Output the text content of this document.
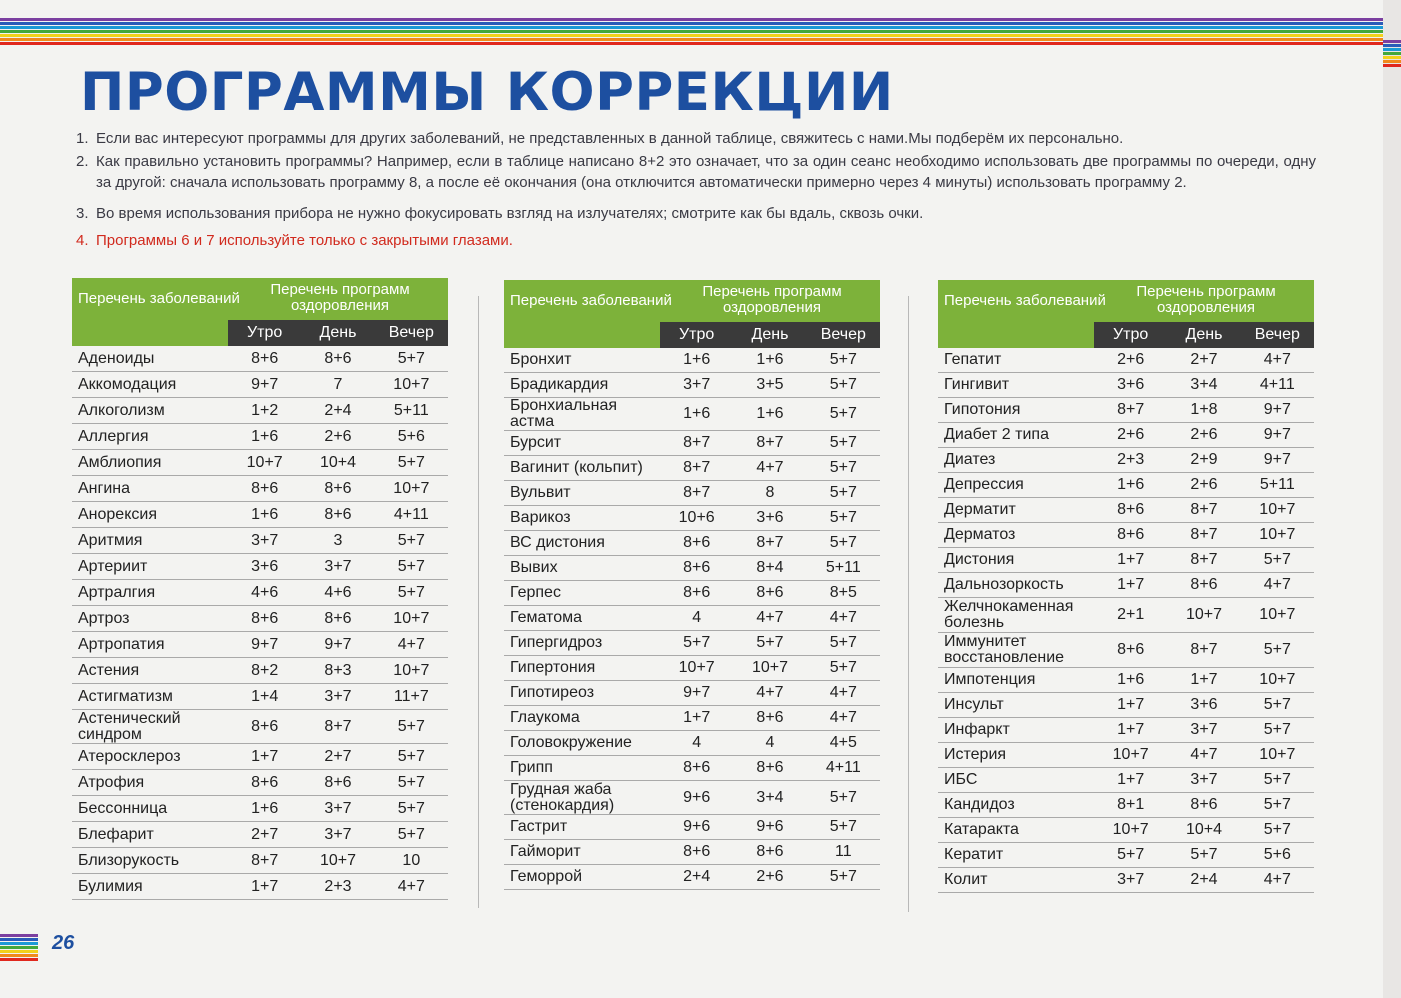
ПРОГРАММЫ КОРРЕКЦИИ
1. Если вас интересуют программы для других заболеваний, не представленных в данной таблице, свяжитесь с нами.Мы подберём их персонально.
2. Как правильно установить программы? Например, если в таблице написано 8+2 это означает, что за один сеанс необходимо использовать две программы по очереди, одну за другой: сначала использовать программу 8, а после её окончания (она отключится автоматически примерно через 4 минуты) использовать программу 2.
3. Во время использования прибора не нужно фокусировать взгляд на излучателях; смотрите как бы вдаль, сквозь очки.
4. Программы 6 и 7 используйте только с закрытыми глазами.
Перечень заболеваний
Перечень программ оздоровления
Утро	День	Вечер
Аденоиды	8+6	8+6	5+7
Аккомодация	9+7	7	10+7
Алкоголизм	1+2	2+4	5+11
Аллергия	1+6	2+6	5+6
Амблиопия	10+7	10+4	5+7
Ангина	8+6	8+6	10+7
Анорексия	1+6	8+6	4+11
Аритмия	3+7	3	5+7
Артериит	3+6	3+7	5+7
Артралгия	4+6	4+6	5+7
Артроз	8+6	8+6	10+7
Артропатия	9+7	9+7	4+7
Астения	8+2	8+3	10+7
Астигматизм	1+4	3+7	11+7
Астенический синдром	8+6	8+7	5+7
Атеросклероз	1+7	2+7	5+7
Атрофия	8+6	8+6	5+7
Бессонница	1+6	3+7	5+7
Блефарит	2+7	3+7	5+7
Близорукость	8+7	10+7	10
Булимия	1+7	2+3	4+7
Перечень заболеваний
Перечень программ оздоровления
Утро	День	Вечер
Бронхит	1+6	1+6	5+7
Брадикардия	3+7	3+5	5+7
Бронхиальная астма	1+6	1+6	5+7
Бурсит	8+7	8+7	5+7
Вагинит (кольпит)	8+7	4+7	5+7
Вульвит	8+7	8	5+7
Варикоз	10+6	3+6	5+7
ВС дистония	8+6	8+7	5+7
Вывих	8+6	8+4	5+11
Герпес	8+6	8+6	8+5
Гематома	4	4+7	4+7
Гипергидроз	5+7	5+7	5+7
Гипертония	10+7	10+7	5+7
Гипотиреоз	9+7	4+7	4+7
Глаукома	1+7	8+6	4+7
Головокружение	4	4	4+5
Грипп	8+6	8+6	4+11
Грудная жаба (стенокардия)	9+6	3+4	5+7
Гастрит	9+6	9+6	5+7
Гайморит	8+6	8+6	11
Геморрой	2+4	2+6	5+7
Перечень заболеваний
Перечень программ оздоровления
Утро	День	Вечер
Гепатит	2+6	2+7	4+7
Гингивит	3+6	3+4	4+11
Гипотония	8+7	1+8	9+7
Диабет 2 типа	2+6	2+6	9+7
Диатез	2+3	2+9	9+7
Депрессия	1+6	2+6	5+11
Дерматит	8+6	8+7	10+7
Дерматоз	8+6	8+7	10+7
Дистония	1+7	8+7	5+7
Дальнозоркость	1+7	8+6	4+7
Желчнокаменная болезнь	2+1	10+7	10+7
Иммунитет восстановление	8+6	8+7	5+7
Импотенция	1+6	1+7	10+7
Инсульт	1+7	3+6	5+7
Инфаркт	1+7	3+7	5+7
Истерия	10+7	4+7	10+7
ИБС	1+7	3+7	5+7
Кандидоз	8+1	8+6	5+7
Катаракта	10+7	10+4	5+7
Кератит	5+7	5+7	5+6
Колит	3+7	2+4	4+7
26
